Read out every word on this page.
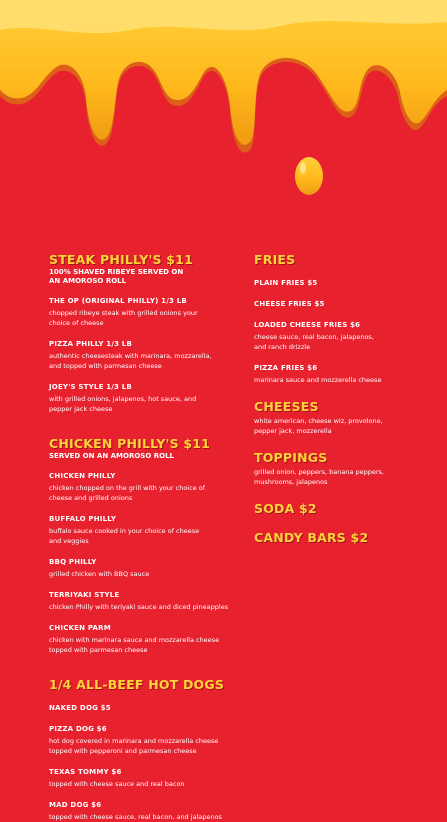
STEAK PHILLY'S $11
100% SHAVED RIBEYE SERVED ON
AN AMOROSO ROLL
THE OP (ORIGINAL PHILLY) 1/3 LB
chopped ribeye steak with grilled onions your
choice of cheese
PIZZA PHILLY 1/3 LB
authentic cheesesteak with marinara, mozzarella,
and topped with parmesan cheese
JOEY'S STYLE 1/3 LB
with grilled onions, jalapenos, hot sauce, and
pepper jack cheese
CHICKEN PHILLY'S $11
SERVED ON AN AMOROSO ROLL
CHICKEN PHILLY
chicken chopped on the grill with your choice of
cheese and grilled onions
BUFFALO PHILLY
buffalo sauce cooked in your choice of cheese
and veggies
BBQ PHILLY
grilled chicken with BBQ sauce
TERRIYAKI STYLE
chicken Philly with teriyaki sauce and diced pineapples
CHICKEN PARM
chicken with marinara sauce and mozzarella cheese
topped with parmesan cheese
1/4 ALL-BEEF HOT DOGS
NAKED DOG $5
PIZZA DOG $6
hot dog covered in marinara and mozzarella cheese
topped with pepperoni and parmesan cheese
TEXAS TOMMY $6
topped with cheese sauce and real bacon
MAD DOG $6
topped with cheese sauce, real bacon, and jalapenos
FRIES
PLAIN FRIES $5
CHEESE FRIES $5
LOADED CHEESE FRIES $6
cheese sauce, real bacon, jalapenos,
and ranch drizzle
PIZZA FRIES $6
marinara sauce and mozzerella cheese
CHEESES
white american, cheese wiz, provolone,
pepper jack, mozzerella
TOPPINGS
grilled onion, peppers, banana peppers,
mushrooms, jalapenos
SODA $2
CANDY BARS $2
